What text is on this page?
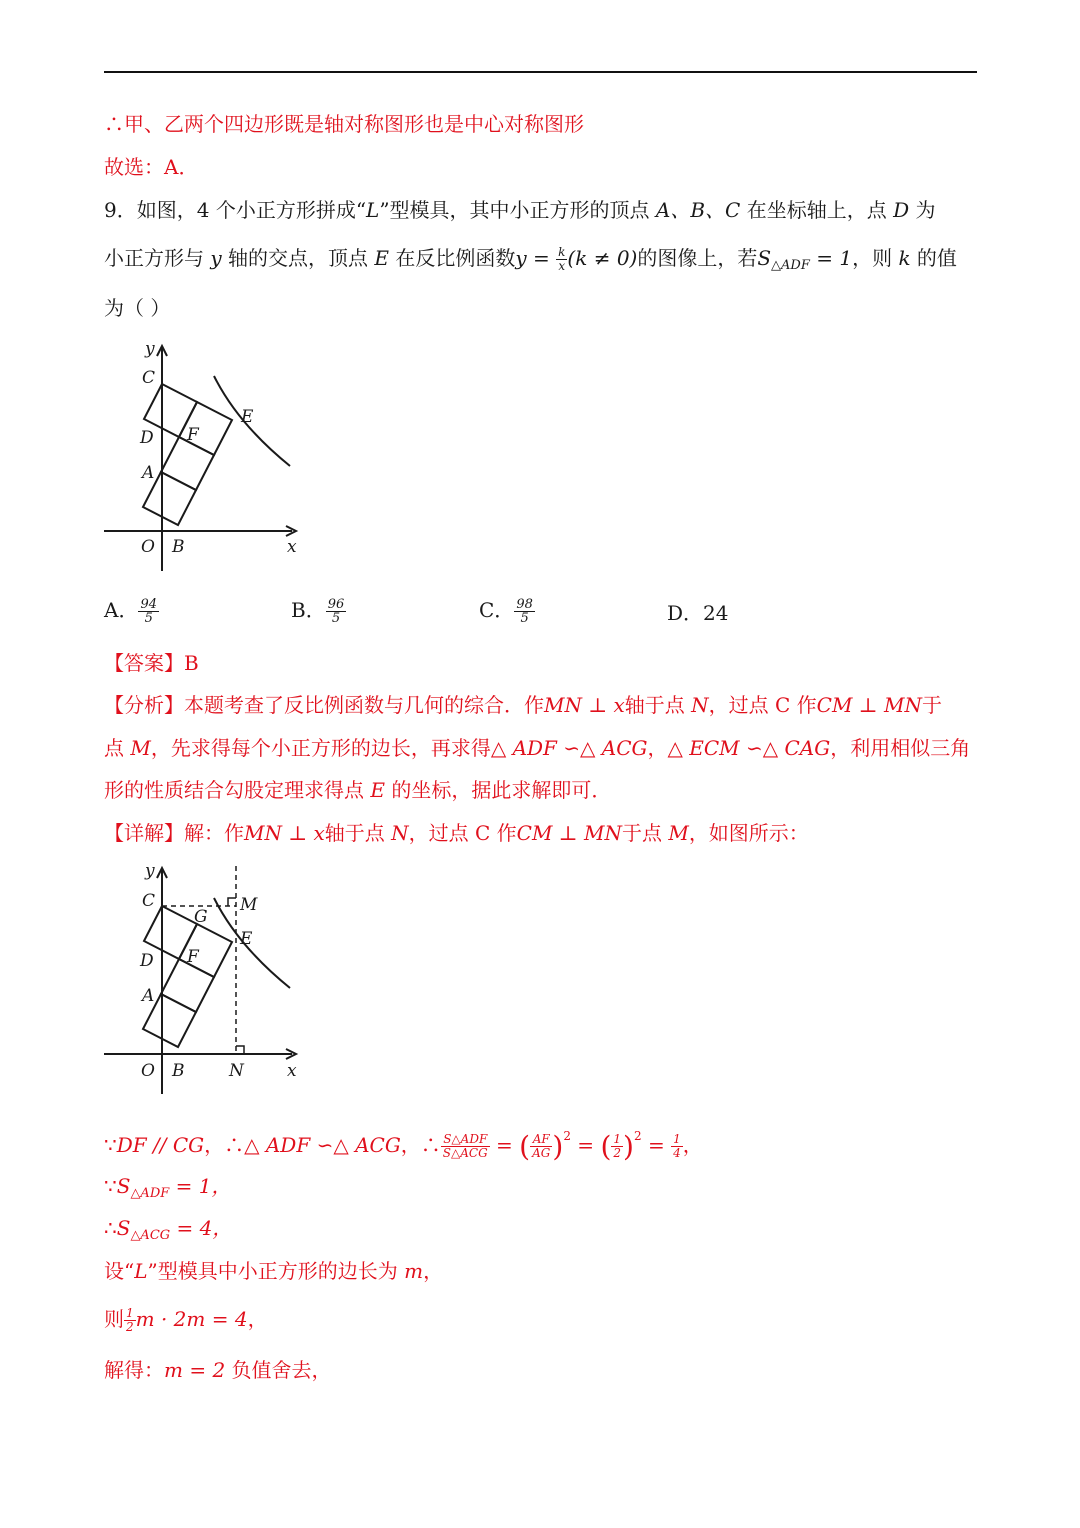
∴甲、乙两个四边形既是轴对称图形也是中心对称图形
故选：A．
9．如图，4 个小正方形拼成“L”型模具，其中小正方形的顶点 A、B、C 在坐标轴上，点 D 为
小正方形与 y 轴的交点，顶点 E 在反比例函数$y = \frac{k}{x} (k \ne 0)$的图像上，若$S_{\triangle ADF} = 1$，则 k 的值
为（ ）
y
C
D
A
F
E
O B	x
A． $\frac{94}{5}$	B． $\frac{96}{5}$	C． $\frac{98}{5}$	D．24
【答案】B
【分析】本题考查了反比例函数与几何的综合．作MN ⊥ x轴于点 N，过点 C 作CM ⊥ MN于
点 M，先求得每个小正方形的边长，再求得△ ADF ∽△ ACG，△ ECM ∽△ CAG，利用相似三角
形的性质结合勾股定理求得点 E 的坐标，据此求解即可．
【详解】解：作MN ⊥ x轴于点 N，过点 C 作CM ⊥ MN于点 M，如图所示：
y
C
G
M
D F
E
A
O B	N	x
∵DF // CG，∴△ ADF ∽△ ACG，∴ $\frac{\text{S△ADF}}{\text{S△ACG}}$ = ( $\frac{AF}{AG} )^2$ = ( $\frac{1}{2} )^2 = \frac{1}{4}$ ，
$\because S_{\triangle ADF} = 1$，
$\therefore S_{\triangle ACG} = 4$，
设“L”型模具中小正方形的边长为 m，
则 $\frac{1}{2}$ m · 2m = 4，
解得：m = 2 负值舍去，
